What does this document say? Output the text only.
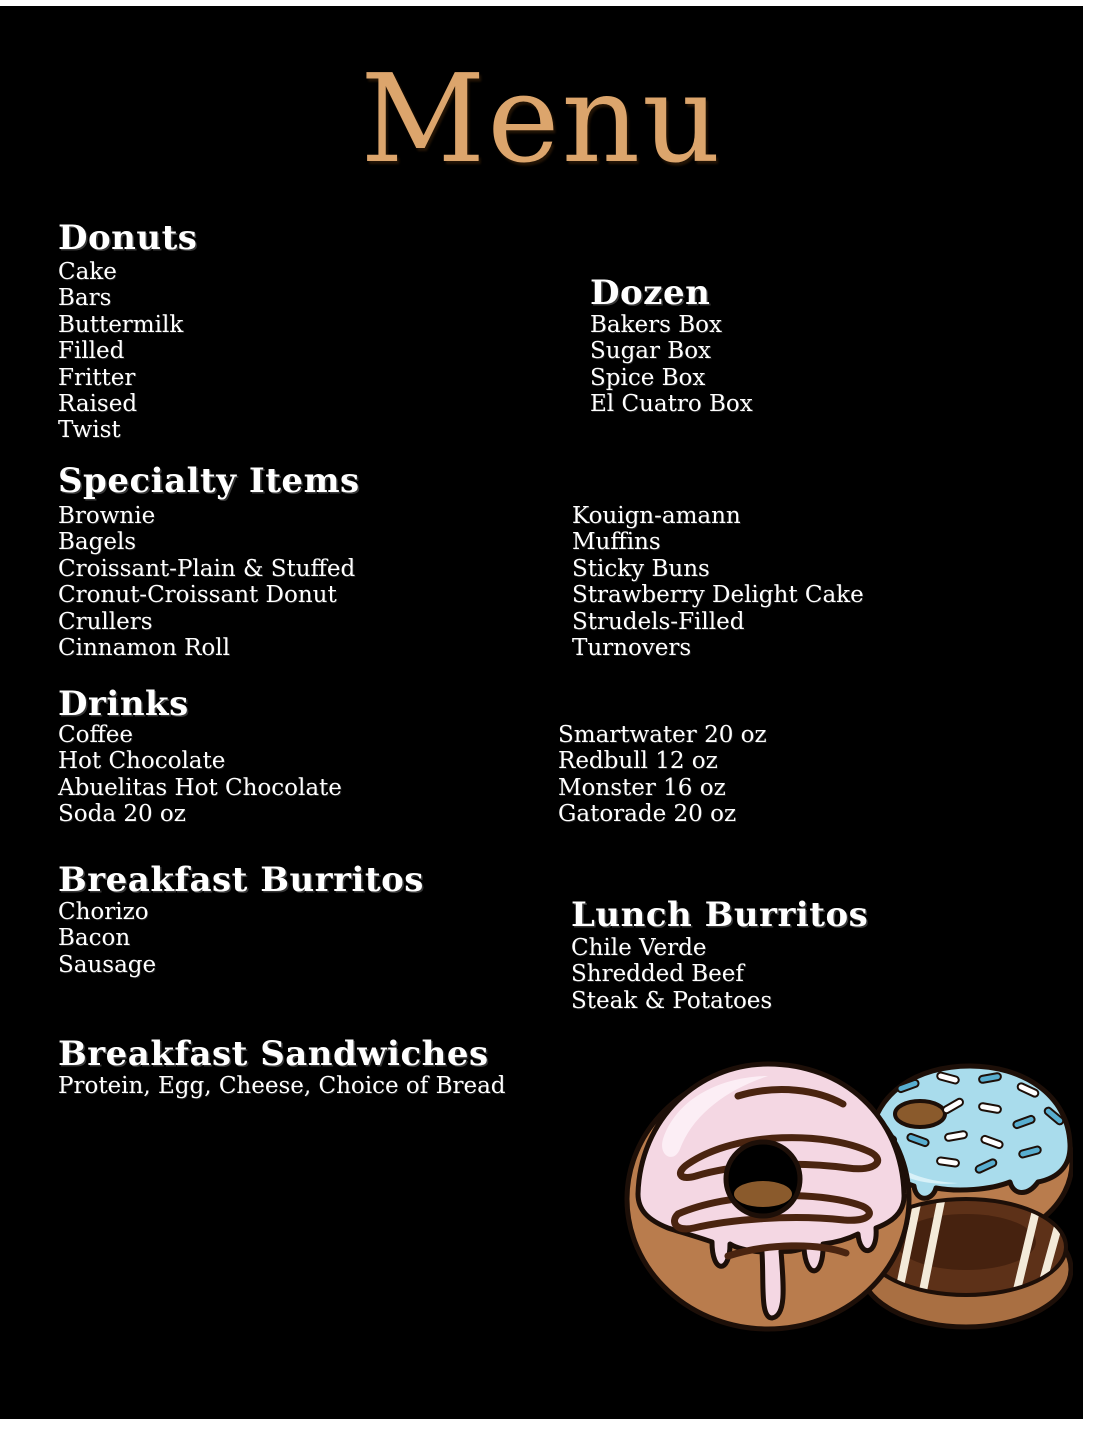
Menu
Donuts
Cake
Bars
Buttermilk
Filled
Fritter
Raised
Twist
Dozen
Bakers Box
Sugar Box
Spice Box
El Cuatro Box
Specialty Items
Brownie
Bagels
Croissant-Plain & Stuffed
Cronut-Croissant Donut
Crullers
Cinnamon Roll
Kouign-amann
Muffins
Sticky Buns
Strawberry Delight Cake
Strudels-Filled
Turnovers
Drinks
Coffee
Hot Chocolate
Abuelitas Hot Chocolate
Soda 20 oz
Smartwater 20 oz
Redbull 12 oz
Monster 16 oz
Gatorade 20 oz
Breakfast Burritos
Chorizo
Bacon
Sausage
Lunch Burritos
Chile Verde
Shredded Beef
Steak & Potatoes
Breakfast Sandwiches
Protein, Egg, Cheese, Choice of Bread
